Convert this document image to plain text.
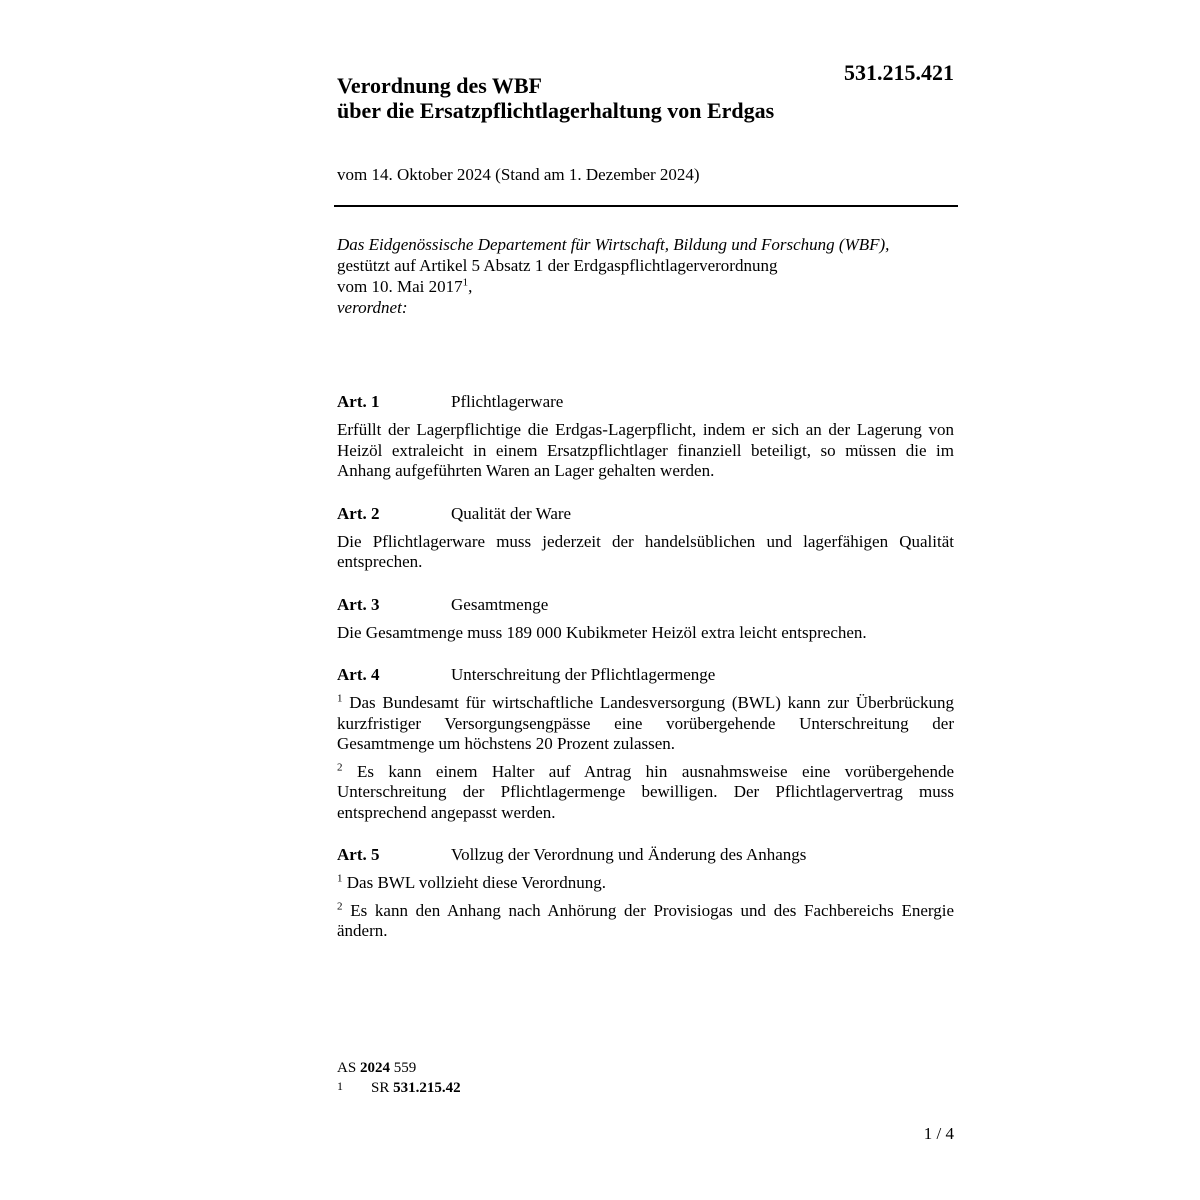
531.215.421
Verordnung des WBF
über die Ersatzpflichtlagerhaltung von Erdgas
vom 14. Oktober 2024 (Stand am 1. Dezember 2024)
Das Eidgenössische Departement für Wirtschaft, Bildung und Forschung (WBF),
gestützt auf Artikel 5 Absatz 1 der Erdgaspflichtlagerverordnung
vom 10. Mai 2017$^1$,
verordnet:
Art. 1	Pflichtlagerware

Erfüllt der Lagerpflichtige die Erdgas-Lagerpflicht, indem er sich an der Lagerung von Heizöl extraleicht in einem Ersatzpflichtlager finanziell beteiligt, so müssen die im Anhang aufgeführten Waren an Lager gehalten werden.

Art. 2	Qualität der Ware

Die Pflichtlagerware muss jederzeit der handelsüblichen und lagerfähigen Qualität entsprechen.

Art. 3	Gesamtmenge

Die Gesamtmenge muss 189 000 Kubikmeter Heizöl extra leicht entsprechen.

Art. 4	Unterschreitung der Pflichtlagermenge

$^1$ Das Bundesamt für wirtschaftliche Landesversorgung (BWL) kann zur Überbrückung kurzfristiger Versorgungsengpässe eine vorübergehende Unterschreitung der Gesamtmenge um höchstens 20 Prozent zulassen.

$^2$ Es kann einem Halter auf Antrag hin ausnahmsweise eine vorübergehende Unterschreitung der Pflichtlagermenge bewilligen. Der Pflichtlagervertrag muss entsprechend angepasst werden.

Art. 5	Vollzug der Verordnung und Änderung des Anhangs

$^1$ Das BWL vollzieht diese Verordnung.

$^2$ Es kann den Anhang nach Anhörung der Provisiogas und des Fachbereichs Energie ändern.

AS 2024 559
1	SR 531.215.42
1 / 4
